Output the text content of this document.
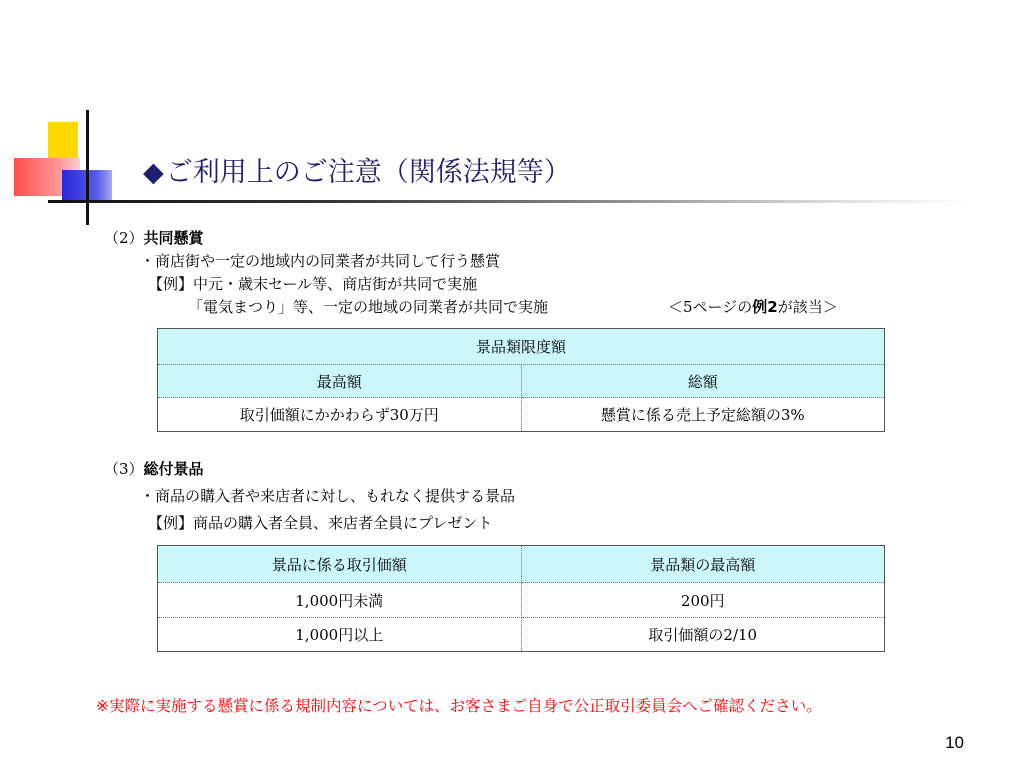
◆ご利用上のご注意（関係法規等）
（2）共同懸賞
・商店街や一定の地域内の同業者が共同して行う懸賞
【例】中元・歳末セール等、商店街が共同で実施
「電気まつり」等、一定の地域の同業者が共同で実施	＜5ページの例2が該当＞
景品類限度額	
最高額	総額
取引価額にかかわらず30万円	懸賞に係る売上予定総額の3%
（3）総付景品
・商品の購入者や来店者に対し、もれなく提供する景品
【例】商品の購入者全員、来店者全員にプレゼント
景品に係る取引価額	景品類の最高額
1,000円未満	200円
1,000円以上	取引価額の2/10
※実際に実施する懸賞に係る規制内容については、お客さまご自身で公正取引委員会へご確認ください。
10
